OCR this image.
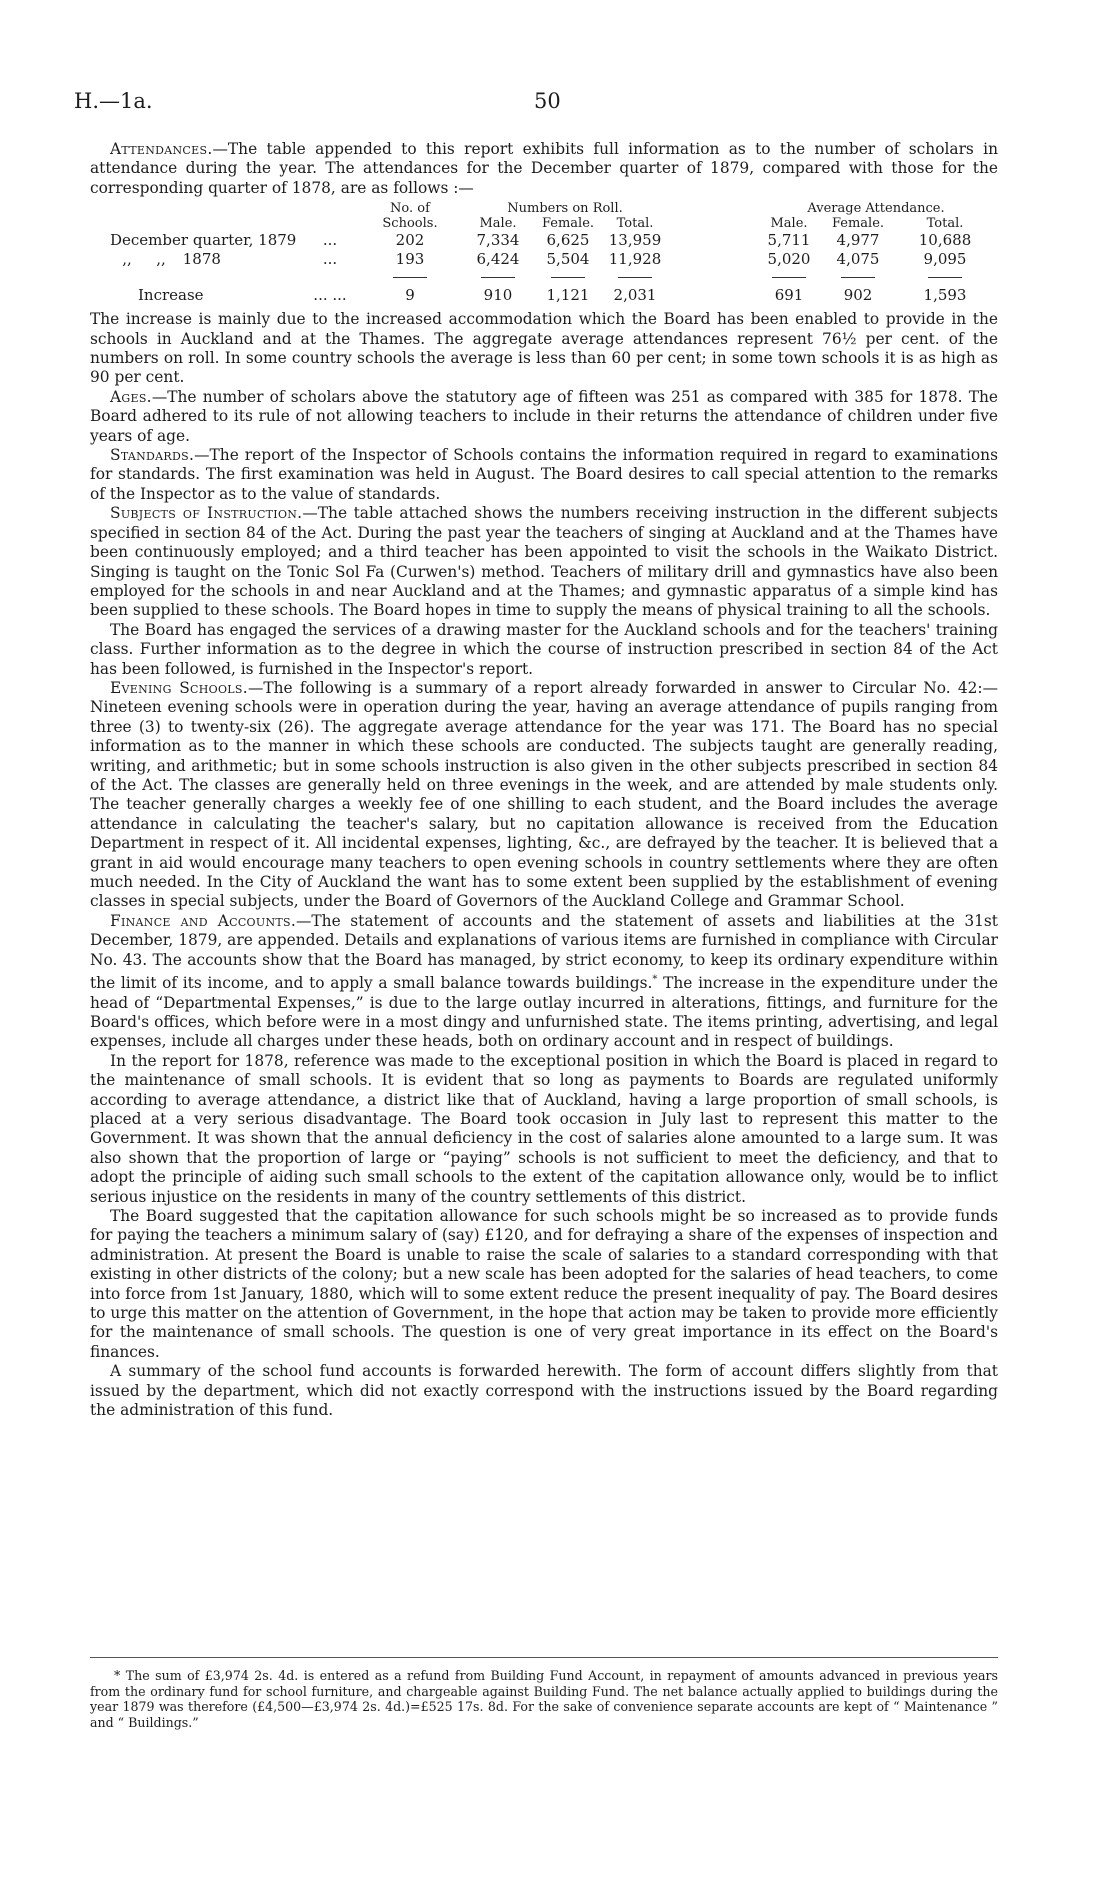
H.—1a.	50

Attendances.—The table appended to this report exhibits full information as to the number of scholars in attendance during the year. The attendances for the December quarter of 1879, compared with those for the corresponding quarter of 1878, are as follows :—

		No. of	Numbers on Roll.				Average Attendance.		
		Schools.	Male.	Female.	Total.		Male.	Female.	Total.
December quarter, 1879	...	202	7,334	6,625	13,959		5,711	4,977	10,688
,, ,, 1878	...	193	6,424	5,504	11,928		5,020	4,075	9,095

Increase	... ...	9	910	1,121	2,031		691	902	1,593

The increase is mainly due to the increased accommodation which the Board has been enabled to provide in the schools in Auckland and at the Thames. The aggregate average attendances represent 76½ per cent. of the numbers on roll. In some country schools the average is less than 60 per cent; in some town schools it is as high as 90 per cent.

Ages.—The number of scholars above the statutory age of fifteen was 251 as compared with 385 for 1878. The Board adhered to its rule of not allowing teachers to include in their returns the attendance of children under five years of age.

Standards.—The report of the Inspector of Schools contains the information required in regard to examinations for standards. The first examination was held in August. The Board desires to call special attention to the remarks of the Inspector as to the value of standards.

Subjects of Instruction.—The table attached shows the numbers receiving instruction in the different subjects specified in section 84 of the Act. During the past year the teachers of singing at Auckland and at the Thames have been continuously employed; and a third teacher has been appointed to visit the schools in the Waikato District. Singing is taught on the Tonic Sol Fa (Curwen's) method. Teachers of military drill and gymnastics have also been employed for the schools in and near Auckland and at the Thames; and gymnastic apparatus of a simple kind has been supplied to these schools. The Board hopes in time to supply the means of physical training to all the schools.

The Board has engaged the services of a drawing master for the Auckland schools and for the teachers' training class. Further information as to the degree in which the course of instruction prescribed in section 84 of the Act has been followed, is furnished in the Inspector's report.

Evening Schools.—The following is a summary of a report already forwarded in answer to Circular No. 42:—Nineteen evening schools were in operation during the year, having an average attendance of pupils ranging from three (3) to twenty-six (26). The aggregate average attendance for the year was 171. The Board has no special information as to the manner in which these schools are conducted. The subjects taught are generally reading, writing, and arithmetic; but in some schools instruction is also given in the other subjects prescribed in section 84 of the Act. The classes are generally held on three evenings in the week, and are attended by male students only. The teacher generally charges a weekly fee of one shilling to each student, and the Board includes the average attendance in calculating the teacher's salary, but no capitation allowance is received from the Education Department in respect of it. All incidental expenses, lighting, &c., are defrayed by the teacher. It is believed that a grant in aid would encourage many teachers to open evening schools in country settlements where they are often much needed. In the City of Auckland the want has to some extent been supplied by the establishment of evening classes in special subjects, under the Board of Governors of the Auckland College and Grammar School.

Finance and Accounts.—The statement of accounts and the statement of assets and liabilities at the 31st December, 1879, are appended. Details and explanations of various items are furnished in compliance with Circular No. 43. The accounts show that the Board has managed, by strict economy, to keep its ordinary expenditure within the limit of its income, and to apply a small balance towards buildings.* The increase in the expenditure under the head of “Departmental Expenses,” is due to the large outlay incurred in alterations, fittings, and furniture for the Board's offices, which before were in a most dingy and unfurnished state. The items printing, advertising, and legal expenses, include all charges under these heads, both on ordinary account and in respect of buildings.

In the report for 1878, reference was made to the exceptional position in which the Board is placed in regard to the maintenance of small schools. It is evident that so long as payments to Boards are regulated uniformly according to average attendance, a district like that of Auckland, having a large proportion of small schools, is placed at a very serious disadvantage. The Board took occasion in July last to represent this matter to the Government. It was shown that the annual deficiency in the cost of salaries alone amounted to a large sum. It was also shown that the proportion of large or “paying” schools is not sufficient to meet the deficiency, and that to adopt the principle of aiding such small schools to the extent of the capitation allowance only, would be to inflict serious injustice on the residents in many of the country settlements of this district.

The Board suggested that the capitation allowance for such schools might be so increased as to provide funds for paying the teachers a minimum salary of (say) £120, and for defraying a share of the expenses of inspection and administration. At present the Board is unable to raise the scale of salaries to a standard corresponding with that existing in other districts of the colony; but a new scale has been adopted for the salaries of head teachers, to come into force from 1st January, 1880, which will to some extent reduce the present inequality of pay. The Board desires to urge this matter on the attention of Government, in the hope that action may be taken to provide more efficiently for the maintenance of small schools. The question is one of very great importance in its effect on the Board's finances.

A summary of the school fund accounts is forwarded herewith. The form of account differs slightly from that issued by the department, which did not exactly correspond with the instructions issued by the Board regarding the administration of this fund.

* The sum of £3,974 2s. 4d. is entered as a refund from Building Fund Account, in repayment of amounts advanced in previous years from the ordinary fund for school furniture, and chargeable against Building Fund. The net balance actually applied to buildings during the year 1879 was therefore (£4,500—£3,974 2s. 4d.)=£525 17s. 8d. For the sake of convenience separate accounts are kept of “ Maintenance ” and “ Buildings.”
